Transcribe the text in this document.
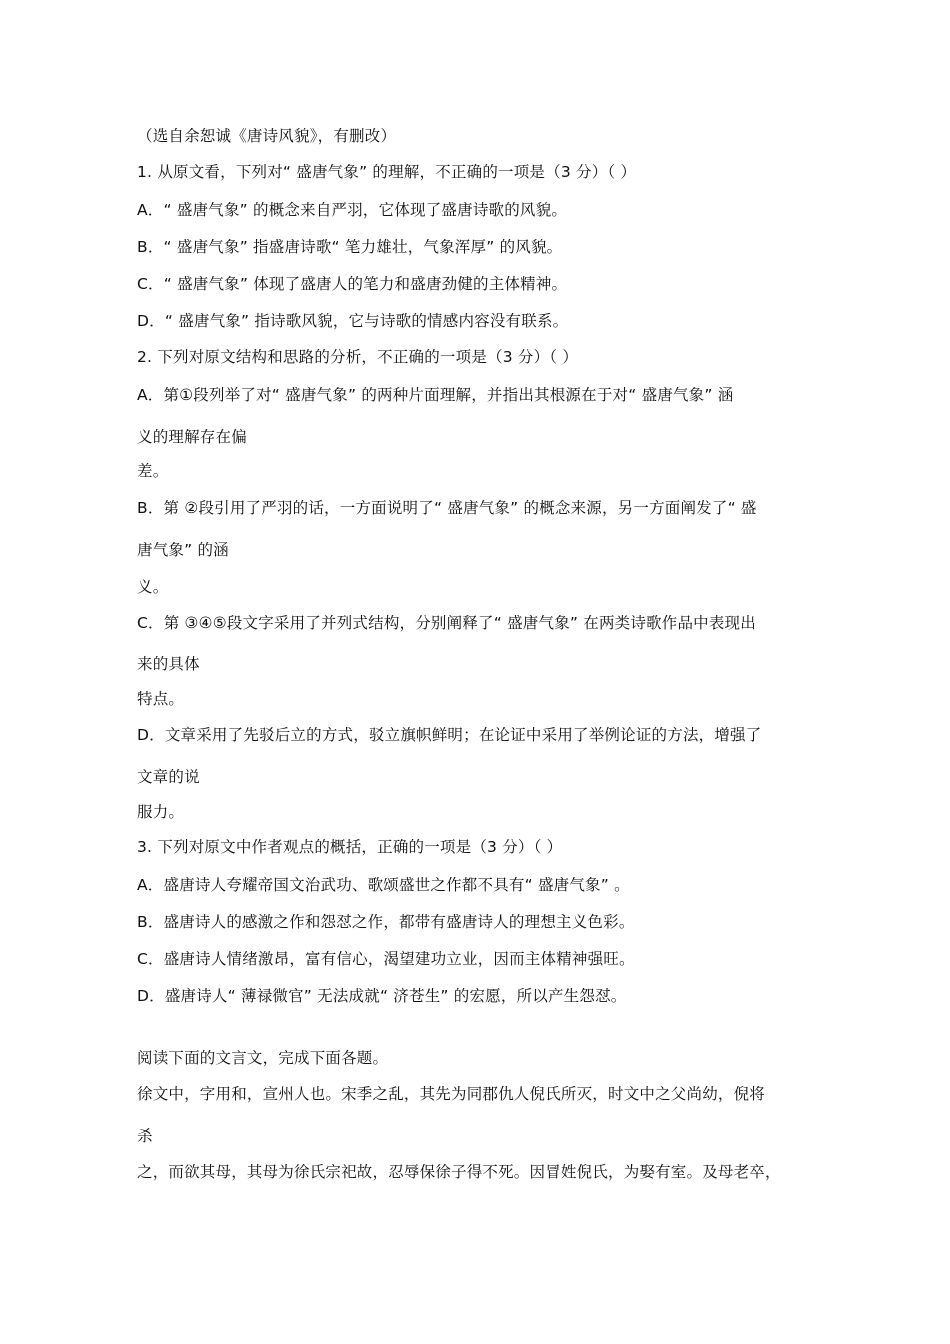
（选自余恕诚《唐诗风貌》，有删改）
1. 从原文看，下列对“ 盛唐气象” 的理解，不正确的一项是（3 分）（ ）
A．“ 盛唐气象” 的概念来自严羽，它体现了盛唐诗歌的风貌。
B．“ 盛唐气象” 指盛唐诗歌“ 笔力雄壮，气象浑厚” 的风貌。
C．“ 盛唐气象” 体现了盛唐人的笔力和盛唐劲健的主体精神。
D．“ 盛唐气象” 指诗歌风貌，它与诗歌的情感内容没有联系。
2. 下列对原文结构和思路的分析，不正确的一项是（3 分）（ ）
A．第①段列举了对“ 盛唐气象” 的两种片面理解，并指出其根源在于对“ 盛唐气象” 涵
义的理解存在偏
差。
B．第 ②段引用了严羽的话，一方面说明了“ 盛唐气象” 的概念来源，另一方面阐发了“ 盛
唐气象” 的涵
义。
C．第 ③④⑤段文字采用了并列式结构，分别阐释了“ 盛唐气象” 在两类诗歌作品中表现出
来的具体
特点。
D．文章采用了先驳后立的方式，驳立旗帜鲜明；在论证中采用了举例论证的方法，增强了
文章的说
服力。
3. 下列对原文中作者观点的概括，正确的一项是（3 分）（ ）
A．盛唐诗人夸耀帝国文治武功、歌颂盛世之作都不具有“ 盛唐气象” 。
B．盛唐诗人的感激之作和怨怼之作，都带有盛唐诗人的理想主义色彩。
C．盛唐诗人情绪激昂，富有信心，渴望建功立业，因而主体精神强旺。
D．盛唐诗人“ 薄禄微官” 无法成就“ 济苍生” 的宏愿，所以产生怨怼。
阅读下面的文言文，完成下面各题。
徐文中，字用和，宣州人也。宋季之乱，其先为同郡仇人倪氏所灭，时文中之父尚幼，倪将
杀
之，而欲其母，其母为徐氏宗祀故，忍辱保徐子得不死。因冒姓倪氏，为娶有室。及母老卒，
